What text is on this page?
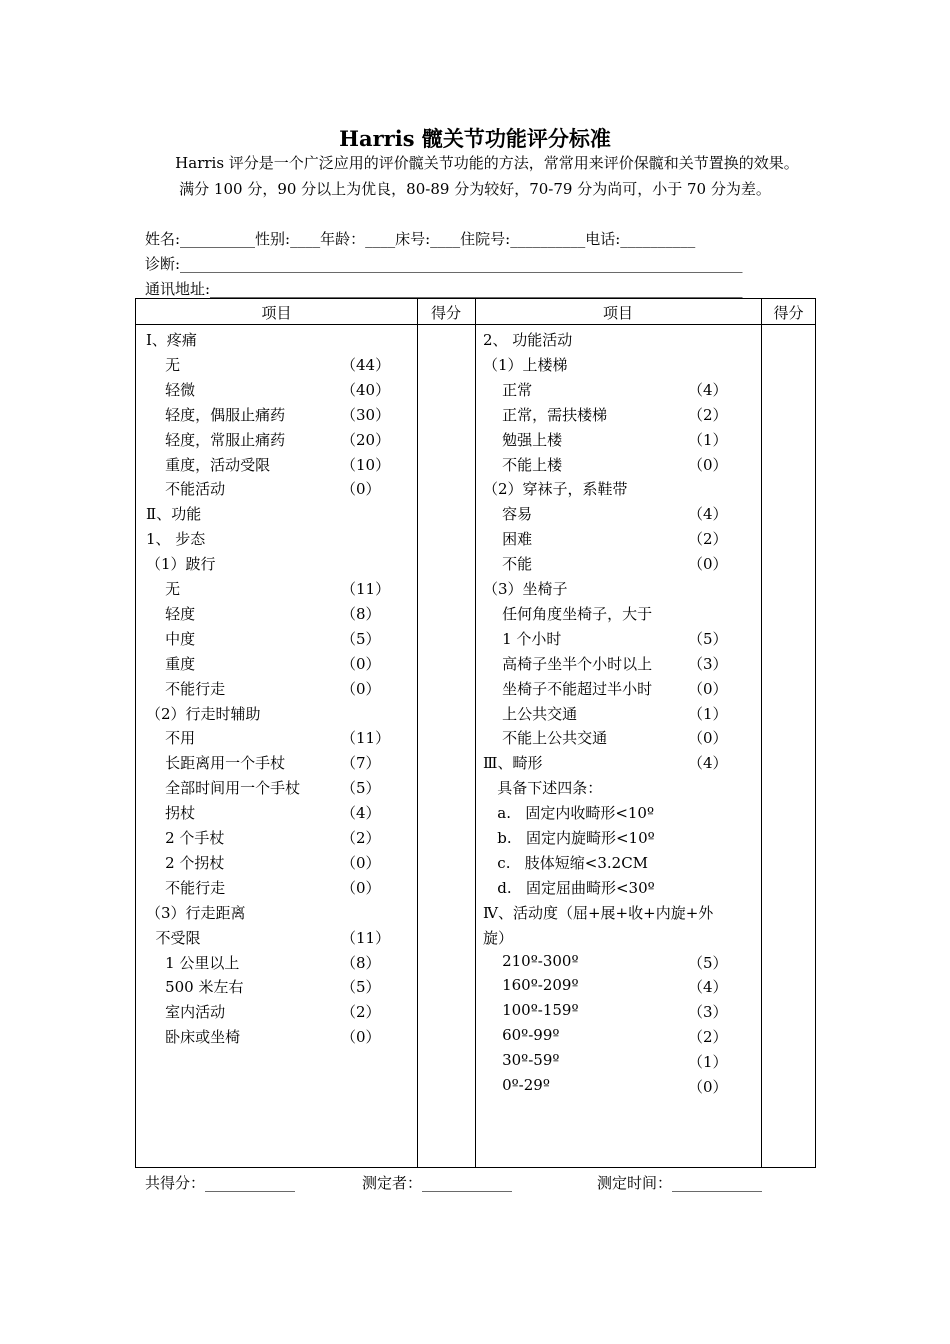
Harris 髋关节功能评分标准
Harris 评分是一个广泛应用的评价髋关节功能的方法，常常用来评价保髋和关节置换的效果。
满分 100 分，90 分以上为优良，80-89 分为较好，70-79 分为尚可，小于 70 分为差。
姓名:__________性别:____年龄：____床号:____住院号:__________电话:__________
诊断:___________________________________________________________________________
通讯地址:_______________________________________________________________________
项目	得分	项目	得分
Ⅰ、疼痛
无	（44）
轻微	（40）
轻度，偶服止痛药	（30）
轻度，常服止痛药	（20）
重度，活动受限	（10）
不能活动	（0）
Ⅱ、功能
1、 步态
（1）跛行
无	（11）
轻度	（8）
中度	（5）
重度	（0）
不能行走	（0）
（2）行走时辅助
不用	（11）
长距离用一个手杖	（7）
全部时间用一个手杖	（5）
拐杖	（4）
2 个手杖	（2）
2 个拐杖	（0）
不能行走	（0）
（3）行走距离
不受限	（11）
1 公里以上	（8）
500 米左右	（5）
室内活动	（2）
卧床或坐椅	（0）
2、 功能活动
（1）上楼梯
正常	（4）
正常，需扶楼梯	（2）
勉强上楼	（1）
不能上楼	（0）
（2）穿袜子，系鞋带
容易	（4）
困难	（2）
不能	（0）
（3）坐椅子
任何角度坐椅子，大于
1 个小时	（5）
高椅子坐半个小时以上 （3）
坐椅子不能超过半小时 （0）
上公共交通	（1）
不能上公共交通	（0）
Ⅲ、畸形	（4）
具备下述四条：
a.   固定内收畸形<10º
b.   固定内旋畸形<10º
c.   肢体短缩<3.2CM
d.   固定屈曲畸形<30º
Ⅳ、活动度（屈+展+收+内旋+外
旋）
210º-300º	（5）
160º-209º	（4）
100º-159º	（3）
60º-99º	（2）
30º-59º	（1）
0º-29º	（0）
共得分：____________	测定者：____________	测定时间：____________
